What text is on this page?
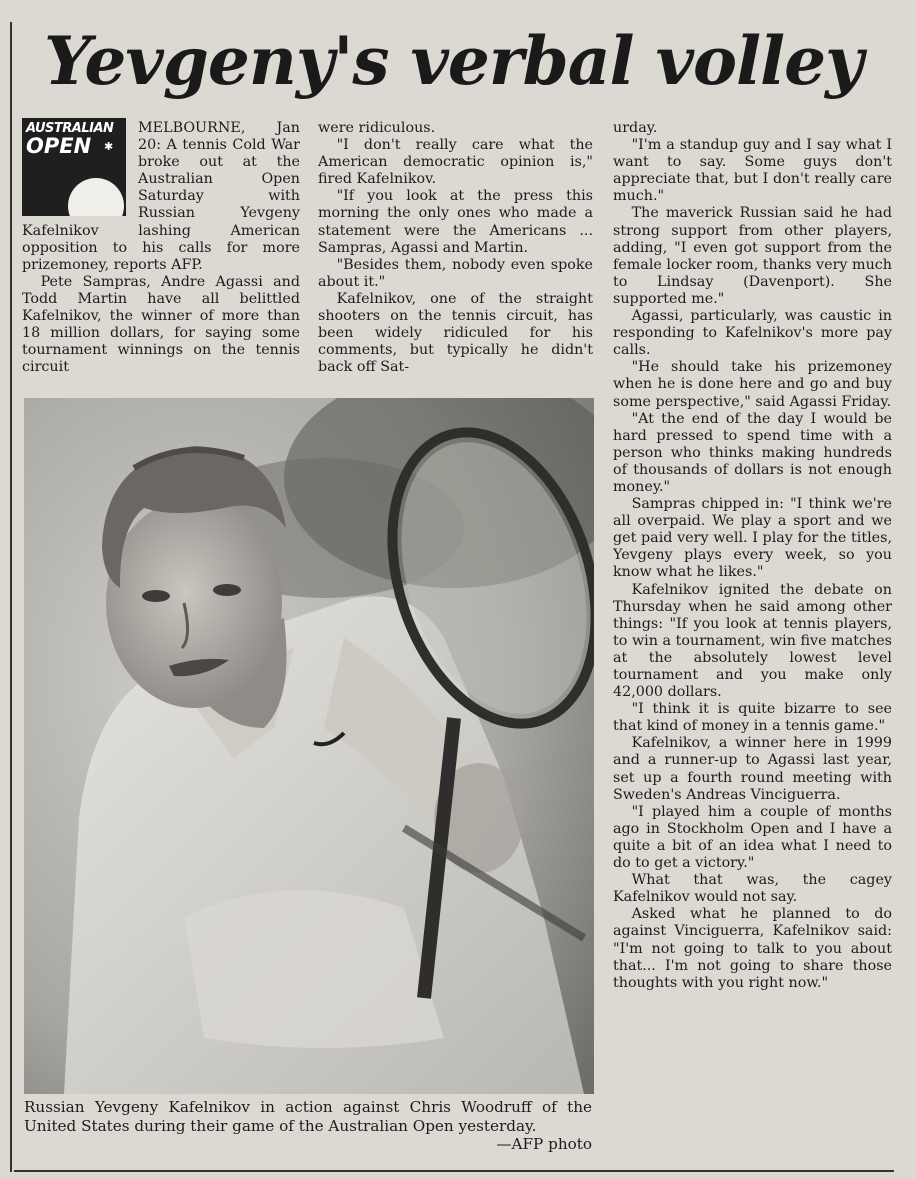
Yevgeny's verbal volley
AUSTRALIAN
OPEN ✱

MELBOURNE, Jan 20: A tennis Cold War broke out at the Australian Open Saturday with Russian Yevgeny Kafelnikov lashing American opposition to his calls for more prizemoney, reports AFP.

Pete Sampras, Andre Agassi and Todd Martin have all belittled Kafelnikov, the winner of more than 18 million dollars, for saying some tournament winnings on the tennis circuit

were ridiculous.

"I don't really care what the American democratic opinion is," fired Kafelnikov.

"If you look at the press this morning the only ones who made a statement were the Americans ... Sampras, Agassi and Martin.

"Besides them, nobody even spoke about it."

Kafelnikov, one of the straight shooters on the tennis circuit, has been widely ridiculed for his comments, but typically he didn't back off Sat-

urday.

"I'm a standup guy and I say what I want to say. Some guys don't appreciate that, but I don't really care much."

The maverick Russian said he had strong support from other players, adding, "I even got support from the female locker room, thanks very much to Lindsay (Davenport). She supported me."

Agassi, particularly, was caustic in responding to Kafelnikov's more pay calls.

"He should take his prizemoney when he is done here and go and buy some perspective," said Agassi Friday.

"At the end of the day I would be hard pressed to spend time with a person who thinks making hundreds of thousands of dollars is not enough money."

Sampras chipped in: "I think we're all overpaid. We play a sport and we get paid very well. I play for the titles, Yevgeny plays every week, so you know what he likes."

Kafelnikov ignited the debate on Thursday when he said among other things: "If you look at tennis players, to win a tournament, win five matches at the absolutely lowest level tournament and you make only 42,000 dollars.

"I think it is quite bizarre to see that kind of money in a tennis game."

Kafelnikov, a winner here in 1999 and a runner-up to Agassi last year, set up a fourth round meeting with Sweden's Andreas Vinciguerra.

"I played him a couple of months ago in Stockholm Open and I have a quite a bit of an idea what I need to do to get a victory."

What that was, the cagey Kafelnikov would not say.

Asked what he planned to do against Vinciguerra, Kafelnikov said: "I'm not going to talk to you about that... I'm not going to share those thoughts with you right now."

Russian Yevgeny Kafelnikov in action against Chris Woodruff of the United States during their game of the Australian Open yesterday.
—AFP photo
